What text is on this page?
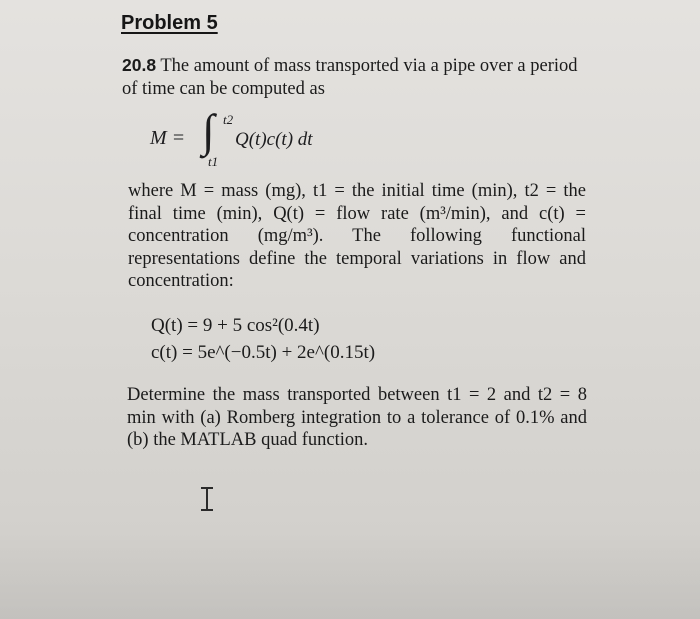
Problem 5
20.8 The amount of mass transported via a pipe over a period of time can be computed as
M = ∫ t2
t1
Q(t)c(t) dt

where M = mass (mg), t1 = the initial time (min), t2 = the final time (min), Q(t) = flow rate (m³/min), and c(t) = concentration (mg/m³). The following functional representations define the temporal variations in flow and concentration:

Q(t) = 9 + 5 cos²(0.4t)
c(t) = 5e^(−0.5t) + 2e^(0.15t)

Determine the mass transported between t1 = 2 and t2 = 8 min with (a) Romberg integration to a tolerance of 0.1% and (b) the MATLAB quad function.
